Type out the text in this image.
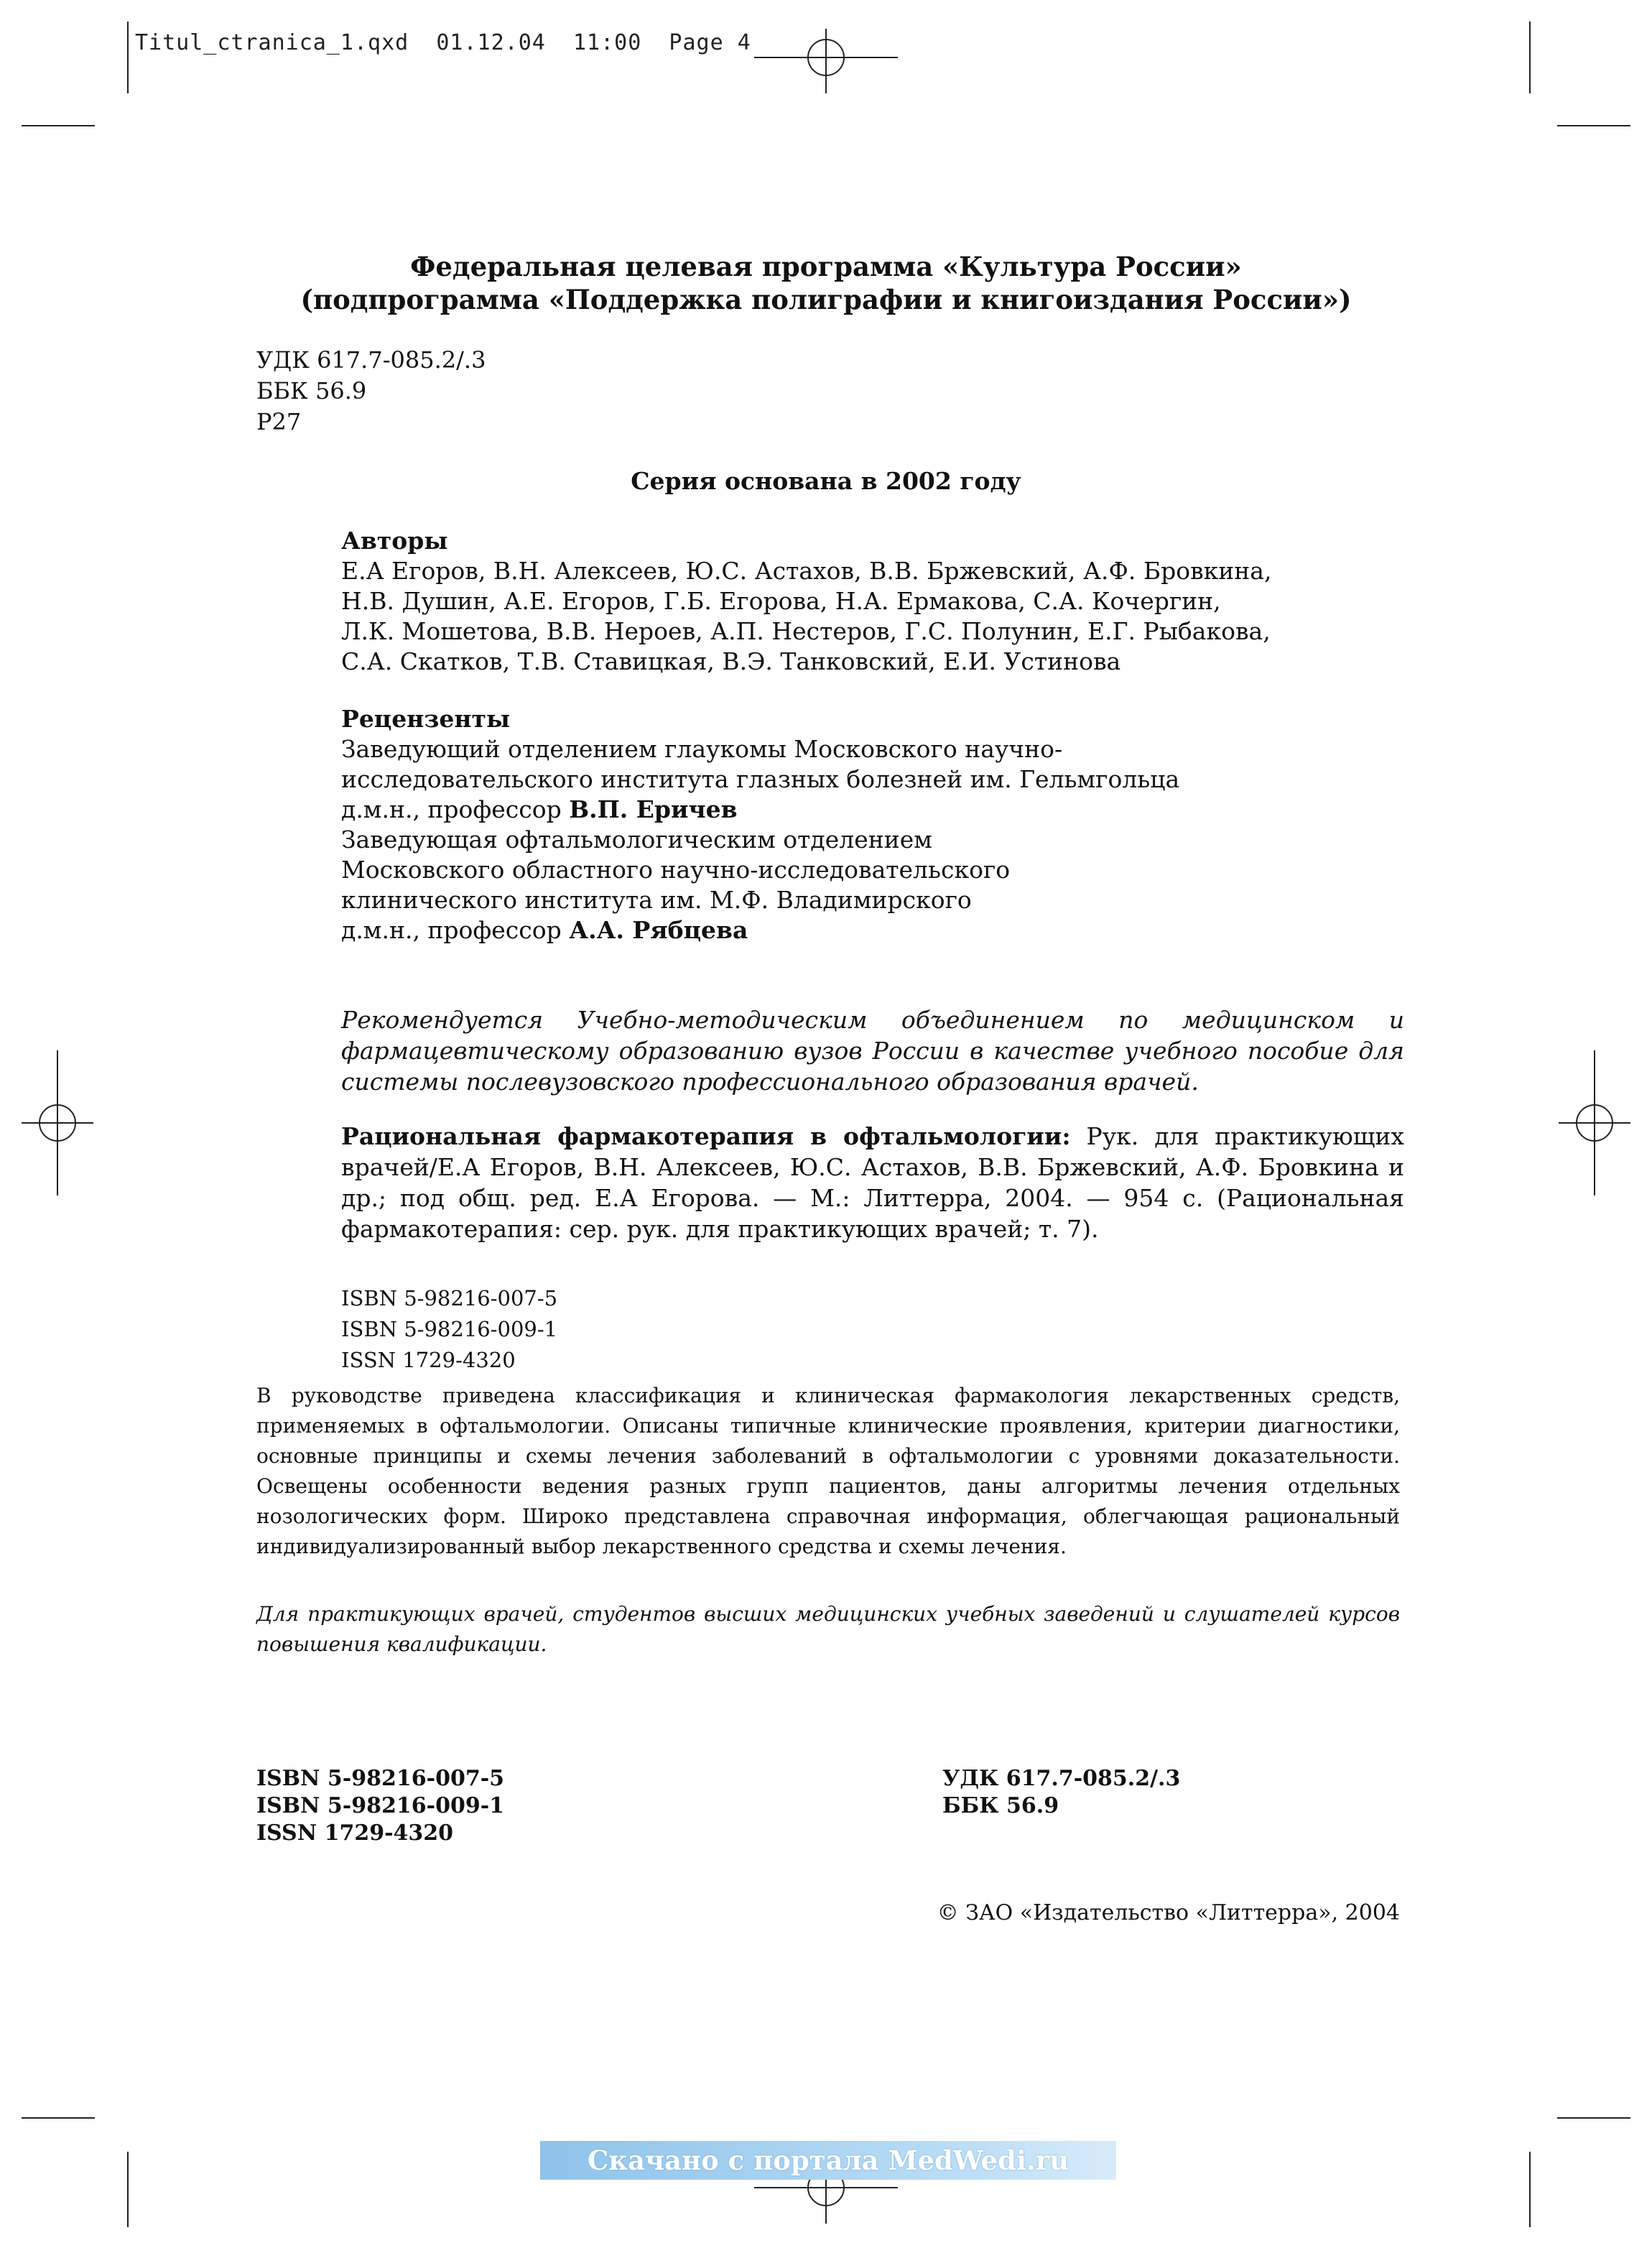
Titul_ctranica_1.qxd  01.12.04  11:00  Page 4
Федеральная целевая программа «Культура России»
(подпрограмма «Поддержка полиграфии и книгоиздания России»)
УДК 617.7-085.2/.3
ББК 56.9
Р27
Серия основана в 2002 году
Авторы
Е.А Егоров, В.Н. Алексеев, Ю.С. Астахов, В.В. Бржевский, А.Ф. Бровкина,
Н.В. Душин, А.Е. Егоров, Г.Б. Егорова, Н.А. Ермакова, С.А. Кочергин,
Л.К. Мошетова, В.В. Нероев, А.П. Нестеров, Г.С. Полунин, Е.Г. Рыбакова,
С.А. Скатков, Т.В. Ставицкая, В.Э. Танковский, Е.И. Устинова
Рецензенты
Заведующий отделением глаукомы Московского научно-
исследовательского института глазных болезней им. Гельмгольца
д.м.н., профессор В.П. Еричев
Заведующая офтальмологическим отделением
Московского областного научно-исследовательского
клинического института им. М.Ф. Владимирского
д.м.н., профессор А.А. Рябцева
Рекомендуется Учебно-методическим объединением по медицинском и фармацевтическому образованию вузов России в качестве учебного пособие для системы послевузовского профессионального образования врачей.
Рациональная фармакотерапия в офтальмологии: Рук. для практикующих врачей/Е.А Егоров, В.Н. Алексеев, Ю.С. Астахов, В.В. Бржевский, А.Ф. Бровкина и др.; под общ. ред. Е.А Егорова. — М.: Литтерра, 2004. — 954 с. (Рациональная фармакотерапия: сер. рук. для практикующих врачей; т. 7).
ISBN 5-98216-007-5
ISBN 5-98216-009-1
ISSN 1729-4320
В руководстве приведена классификация и клиническая фармакология лекарственных средств, применяемых в офтальмологии. Описаны типичные клинические проявления, критерии диагностики, основные принципы и схемы лечения заболеваний в офтальмологии с уровнями доказательности. Освещены особенности ведения разных групп пациентов, даны алгоритмы лечения отдельных нозологических форм. Широко представлена справочная информация, облегчающая рациональный индивидуализированный выбор лекарственного средства и схемы лечения.
Для практикующих врачей, студентов высших медицинских учебных заведений и слушателей курсов повышения квалификации.
ISBN 5-98216-007-5
ISBN 5-98216-009-1
ISSN 1729-4320
УДК 617.7-085.2/.3
ББК 56.9
© ЗАО «Издательство «Литтерра», 2004
Скачано с портала MedWedi.ru
